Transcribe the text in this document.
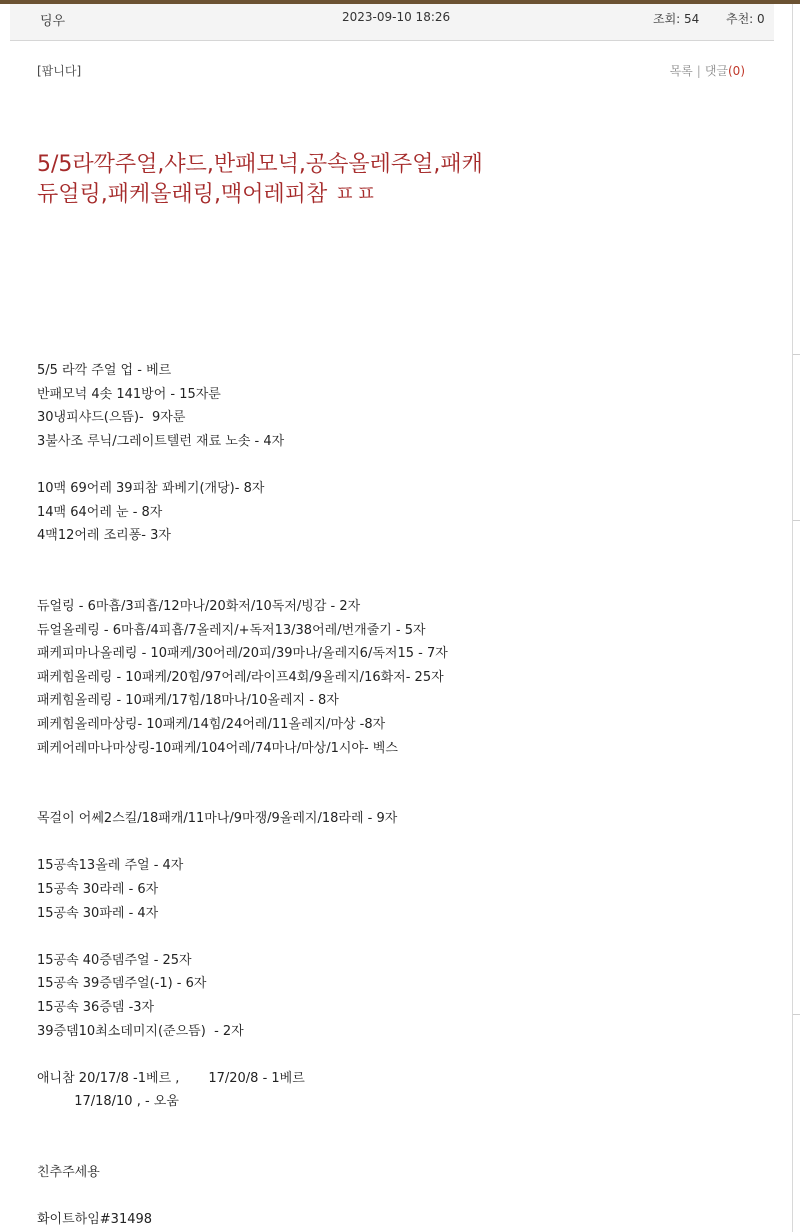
딩우	2023-09-10 18:26	조회: 54 추천: 0
[팝니다]	목록 | 댓글(0)
5/5라깍주얼,샤드,반패모넉,공속올레주얼,패캐
듀얼링,패케올래링,맥어레피참 ㅍㅍ
5/5 라깍 주얼 업 - 베르
반패모넉 4솟 141방어 - 15자룬
30냉피샤드(으뜸)-  9자룬
3불사조 루닉/그레이트텔런 재료 노솟 - 4자
10맥 69어레 39피참 꽈베기(개당)- 8자
14맥 64어레 눈 - 8자
4맥12어레 조리퐁- 3자
듀얼링 - 6마흡/3피흡/12마나/20화저/10독저/빙감 - 2자
듀얼올레링 - 6마흡/4피흡/7올레지/+독저13/38어레/번개줄기 - 5자
패케피마나올레링 - 10패케/30어레/20피/39마나/올레지6/독저15 - 7자
패케힘올레링 - 10패케/20힘/97어레/라이프4회/9올레지/16화저- 25자
패케힘올레링 - 10패케/17힘/18마나/10올레지 - 8자
페케힘올레마상링- 10패케/14힘/24어레/11올레지/마상 -8자
페케어레마나마상링-10패케/104어레/74마나/마상/1시야- 벡스
목걸이 어쎄2스킬/18패캐/11마나/9마쟁/9올레지/18라레 - 9자
15공속13올레 주얼 - 4자
15공속 30라레 - 6자
15공속 30파레 - 4자
15공속 40증뎀주얼 - 25자
15공속 39증뎀주얼(-1) - 6자
15공속 36증뎀 -3자
39증뎀10최소데미지(준으뜸)  - 2자
애니참 20/17/8 -1베르 ,       17/20/8 - 1베르
17/18/10 , - 오움
친추주세용
화이트하임#31498
